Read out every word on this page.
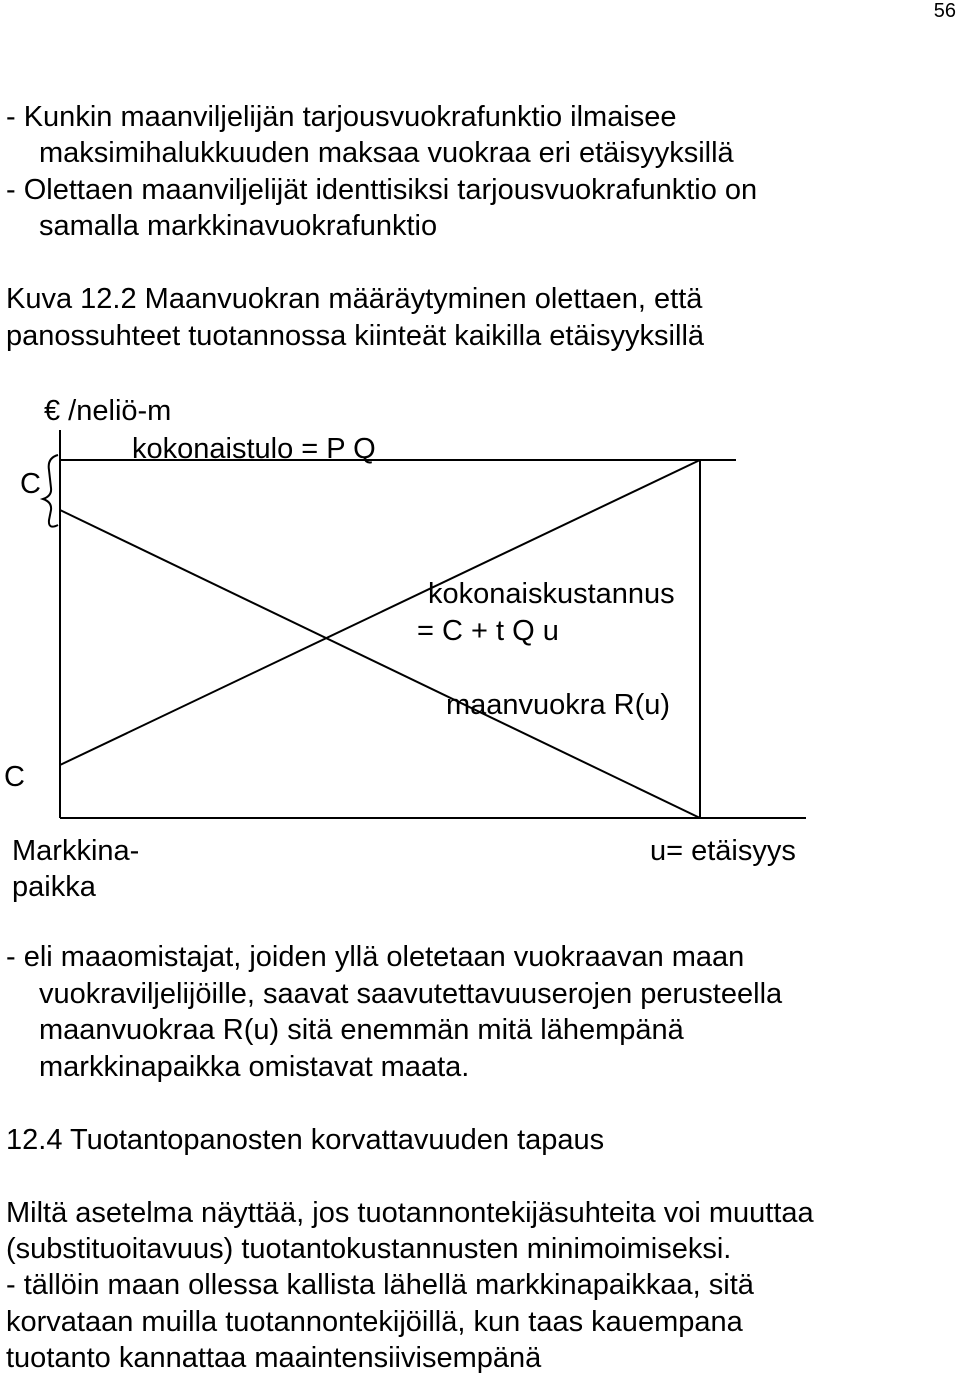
56
- Kunkin maanviljelijän tarjousvuokrafunktio ilmaisee
maksimihalukkuuden maksaa vuokraa eri etäisyyksillä
- Olettaen maanviljelijät identtisiksi tarjousvuokrafunktio on
samalla markkinavuokrafunktio
Kuva 12.2 Maanvuokran määräytyminen olettaen, että
panossuhteet tuotannossa kiinteät kaikilla etäisyyksillä
€ /neliö-m
kokonaistulo = P Q
C
kokonaiskustannus
= C + t Q u
maanvuokra R(u)
C
Markkina-
paikka
u= etäisyys
- eli maaomistajat, joiden yllä oletetaan vuokraavan maan
vuokraviljelijöille, saavat saavutettavuuserojen perusteella
maanvuokraa R(u) sitä enemmän mitä lähempänä
markkinapaikka omistavat maata.
12.4 Tuotantopanosten korvattavuuden tapaus
Miltä asetelma näyttää, jos tuotannontekijäsuhteita voi muuttaa
(substituoitavuus) tuotantokustannusten minimoimiseksi.
- tällöin maan ollessa kallista lähellä markkinapaikkaa, sitä
korvataan muilla tuotannontekijöillä, kun taas kauempana
tuotanto kannattaa maaintensiivisempänä
